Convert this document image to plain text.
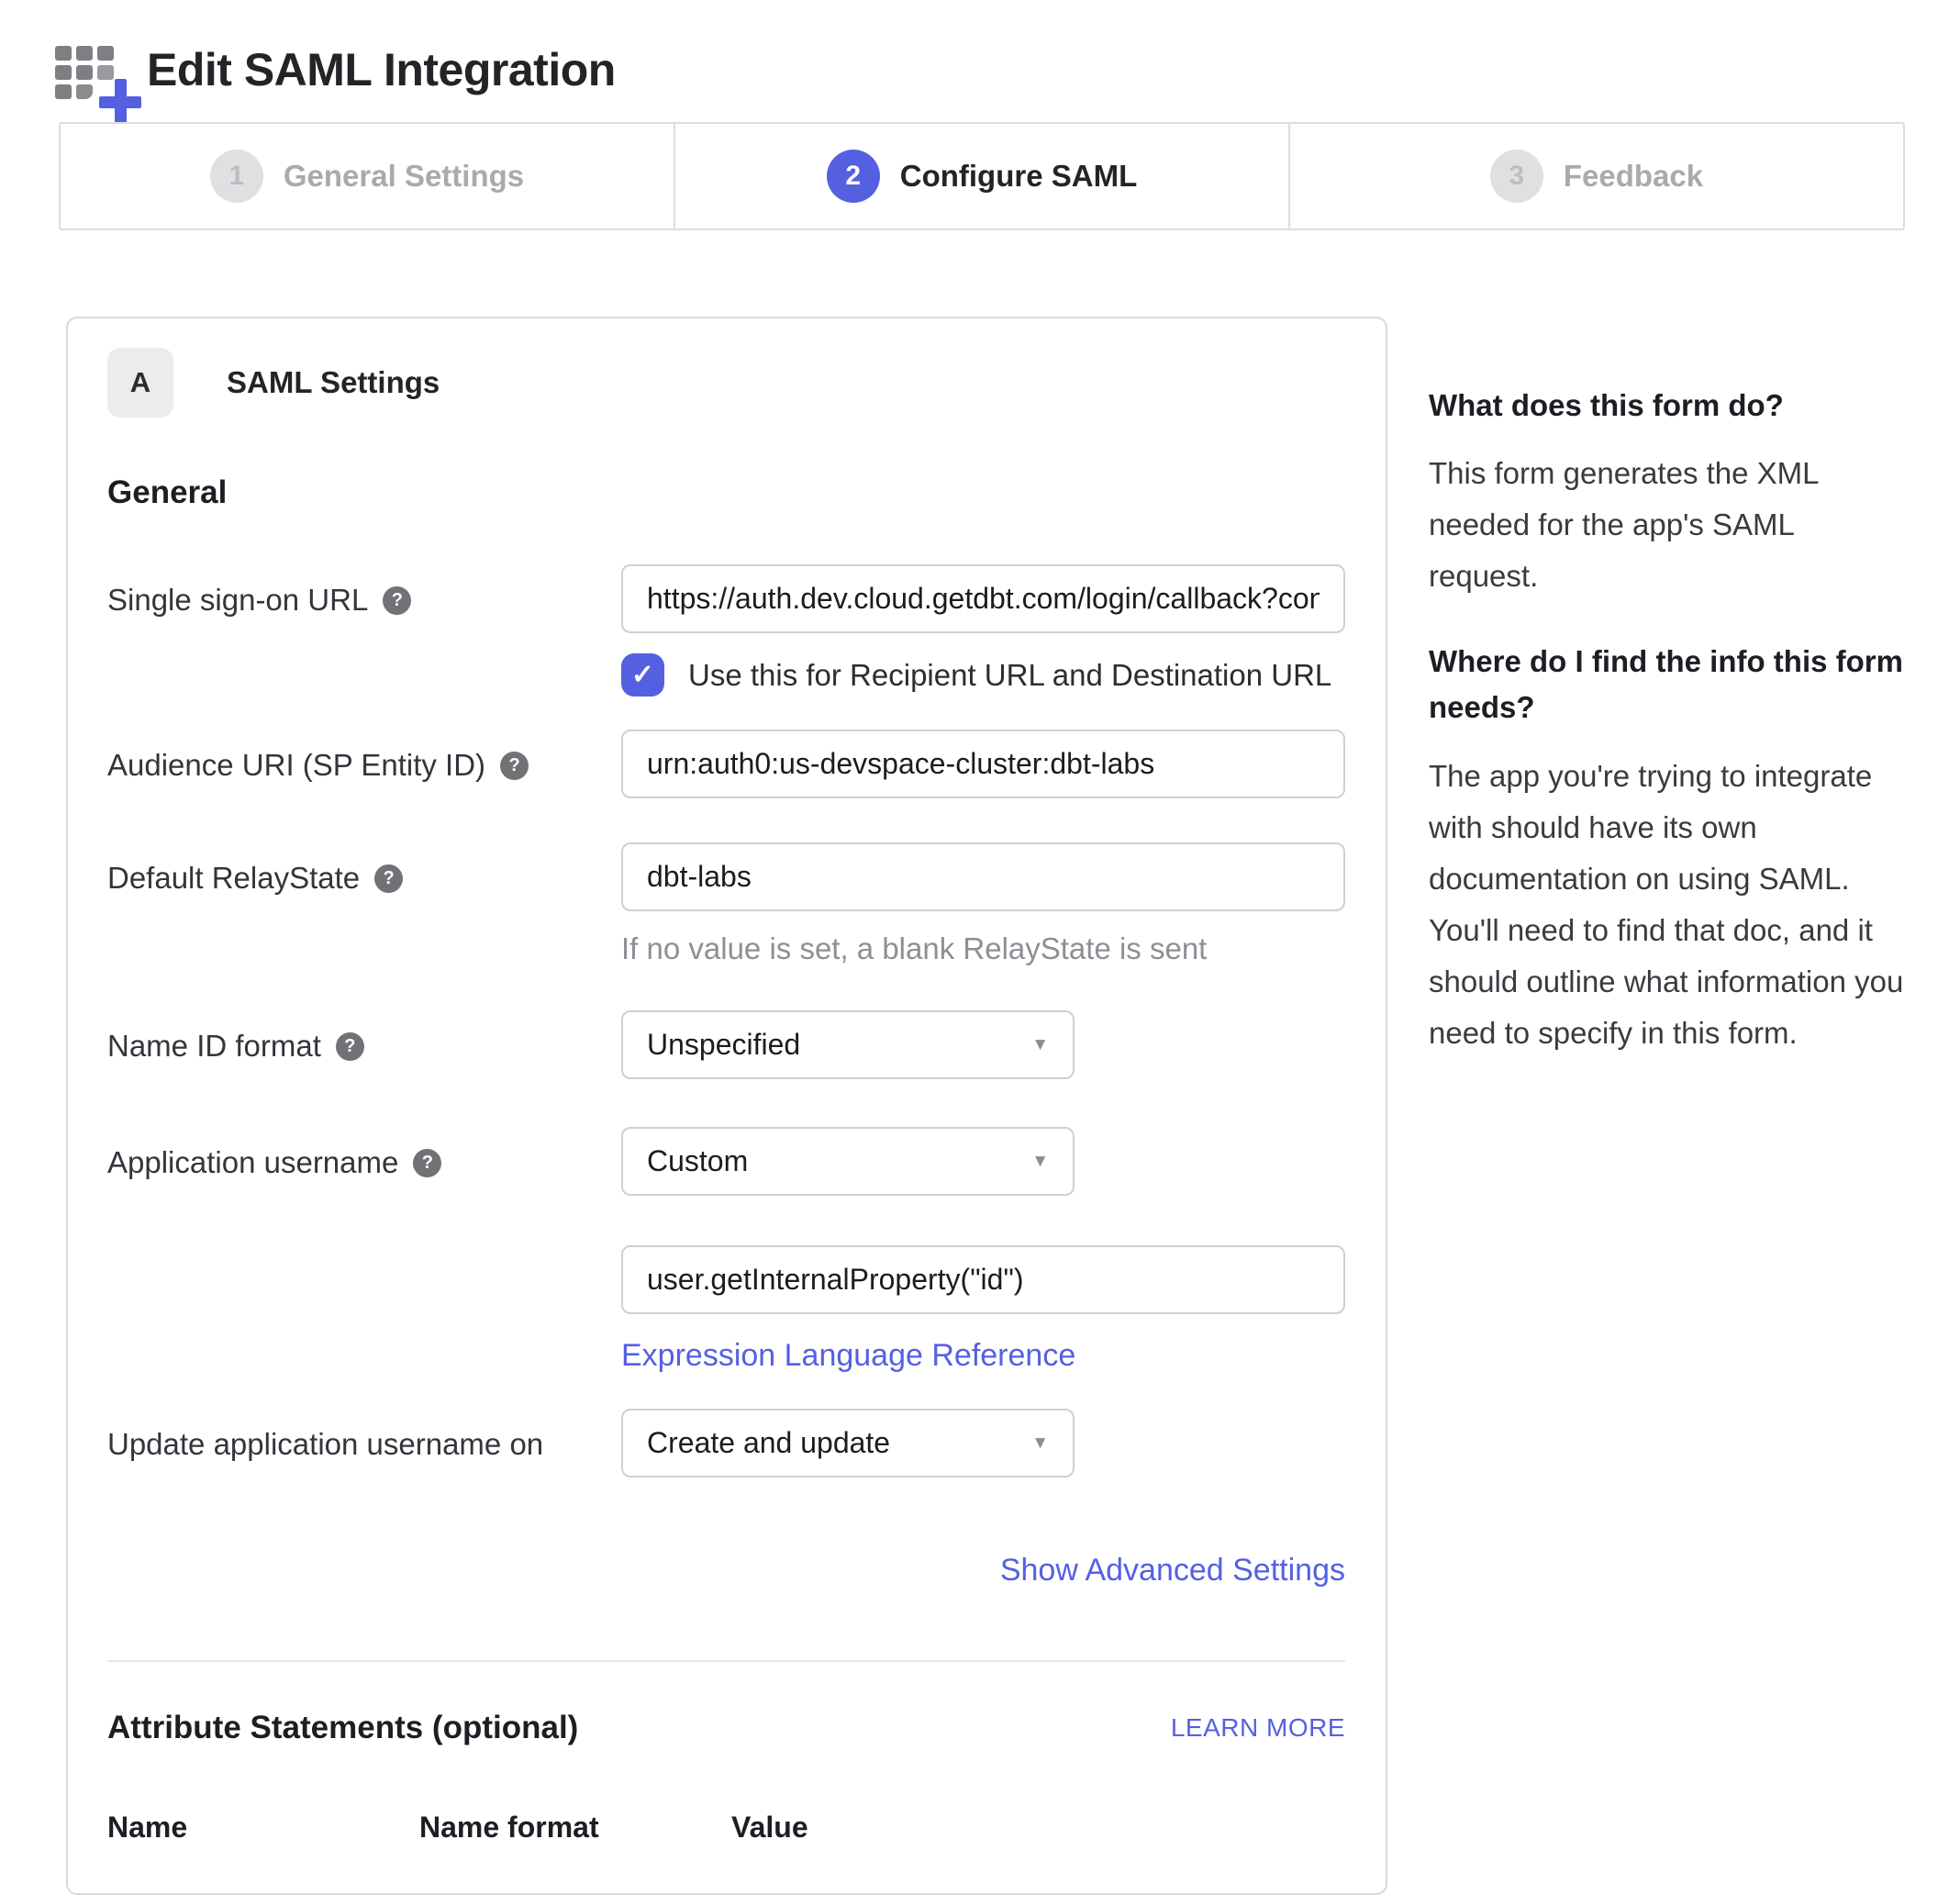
Edit SAML Integration
1	General Settings	2	Configure SAML	3	Feedback
A	SAML Settings
General
Single sign-on URL	?
https://auth.dev.cloud.getdbt.com/login/callback?conne
✓ Use this for Recipient URL and Destination URL
Audience URI (SP Entity ID)	?
urn:auth0:us-devspace-cluster:dbt-labs
Default RelayState	?
dbt-labs
If no value is set, a blank RelayState is sent
Name ID format	?	Unspecified	▼
Application username	?	Custom	▼
user.getInternalProperty("id") Expression Language Reference
Update application username on	Create and update	▼
Show Advanced Settings
Attribute Statements (optional)	LEARN MORE
Name	Name format	Value
What does this form do?
This form generates the XML needed for the app's SAML request.
Where do I find the info this form needs?
The app you're trying to integrate with should have its own documentation on using SAML. You'll need to find that doc, and it should outline what information you need to specify in this form.
